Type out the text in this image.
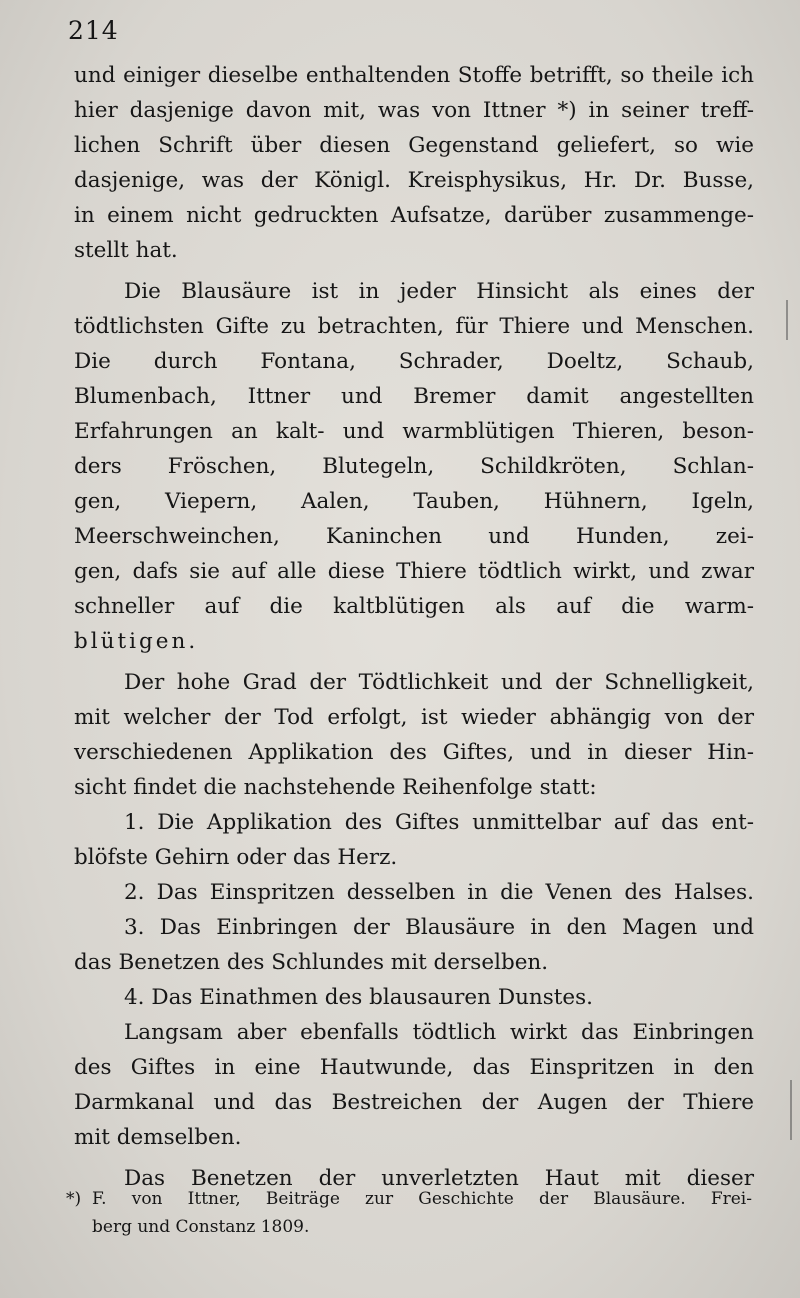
214
und einiger dieselbe enthaltenden Stoffe betrifft, so theile ich
hier dasjenige davon mit, was von Ittner *) in seiner treff-
lichen Schrift über diesen Gegenstand geliefert, so wie
dasjenige, was der Königl. Kreisphysikus, Hr. Dr. Busse,
in einem nicht gedruckten Aufsatze, darüber zusammenge-
stellt hat.
Die Blausäure ist in jeder Hinsicht als eines der
tödtlichsten Gifte zu betrachten, für Thiere und Menschen.
Die durch Fontana, Schrader, Doeltz, Schaub,
Blumenbach, Ittner und Bremer damit angestellten
Erfahrungen an kalt- und warmblütigen Thieren, beson-
ders Fröschen, Blutegeln, Schildkröten, Schlan-
gen, Viepern, Aalen, Tauben, Hühnern, Igeln,
Meerschweinchen, Kaninchen und Hunden, zei-
gen, dafs sie auf alle diese Thiere tödtlich wirkt, und zwar
schneller auf die kaltblütigen als auf die warm-
blütigen.
Der hohe Grad der Tödtlichkeit und der Schnelligkeit,
mit welcher der Tod erfolgt, ist wieder abhängig von der
verschiedenen Applikation des Giftes, und in dieser Hin-
sicht findet die nachstehende Reihenfolge statt:
1. Die Applikation des Giftes unmittelbar auf das ent-
blöfste Gehirn oder das Herz.
2. Das Einspritzen desselben in die Venen des Halses.
3. Das Einbringen der Blausäure in den Magen und
das Benetzen des Schlundes mit derselben.
4. Das Einathmen des blausauren Dunstes.
Langsam aber ebenfalls tödtlich wirkt das Einbringen
des Giftes in eine Hautwunde, das Einspritzen in den
Darmkanal und das Bestreichen der Augen der Thiere
mit demselben.
Das Benetzen der unverletzten Haut mit dieser
*) F. von Ittner, Beiträge zur Geschichte der Blausäure. Frei-
berg und Constanz 1809.
